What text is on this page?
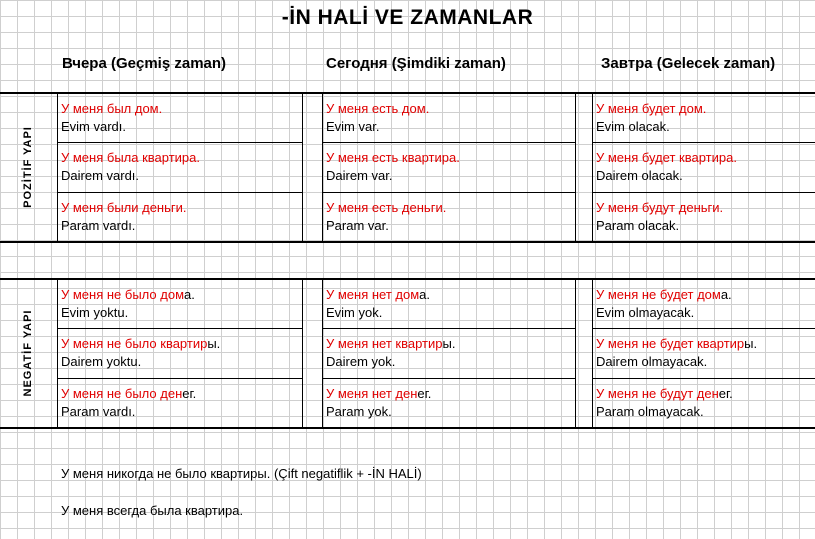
-İN HALİ VE ZAMANLAR
Вчера (Geçmiş zaman)	Сегодня (Şimdiki zaman)	Завтра (Gelecek zaman)
POZİTİF YAPI
У меня был дом.
Evim vardı.
У меня есть дом.
Evim var.
У меня будет дом.
Evim olacak.
У меня была квартира.
Dairem vardı.
У меня есть квартира.
Dairem var.
У меня будет квартира.
Dairem olacak.
У меня были деньги.
Param vardı.
У меня есть деньги.
Param var.
У меня будут деньги.
Param olacak.
NEGATİF YAPI
У меня не было дома.
Evim yoktu.
У меня нет дома.
Evim yok.
У меня не будет дома.
Evim olmayacak.
У меня не было квартиры.
Dairem yoktu.
У меня нет квартиры.
Dairem yok.
У меня не будет квартиры.
Dairem olmayacak.
У меня не было денег.
Param vardı.
У меня нет денег.
Param yok.
У меня не будут денег.
Param olmayacak.
У меня никогда не было квартиры. (Çift negatiflik + -İN HALİ)
У меня всегда была квартира.
